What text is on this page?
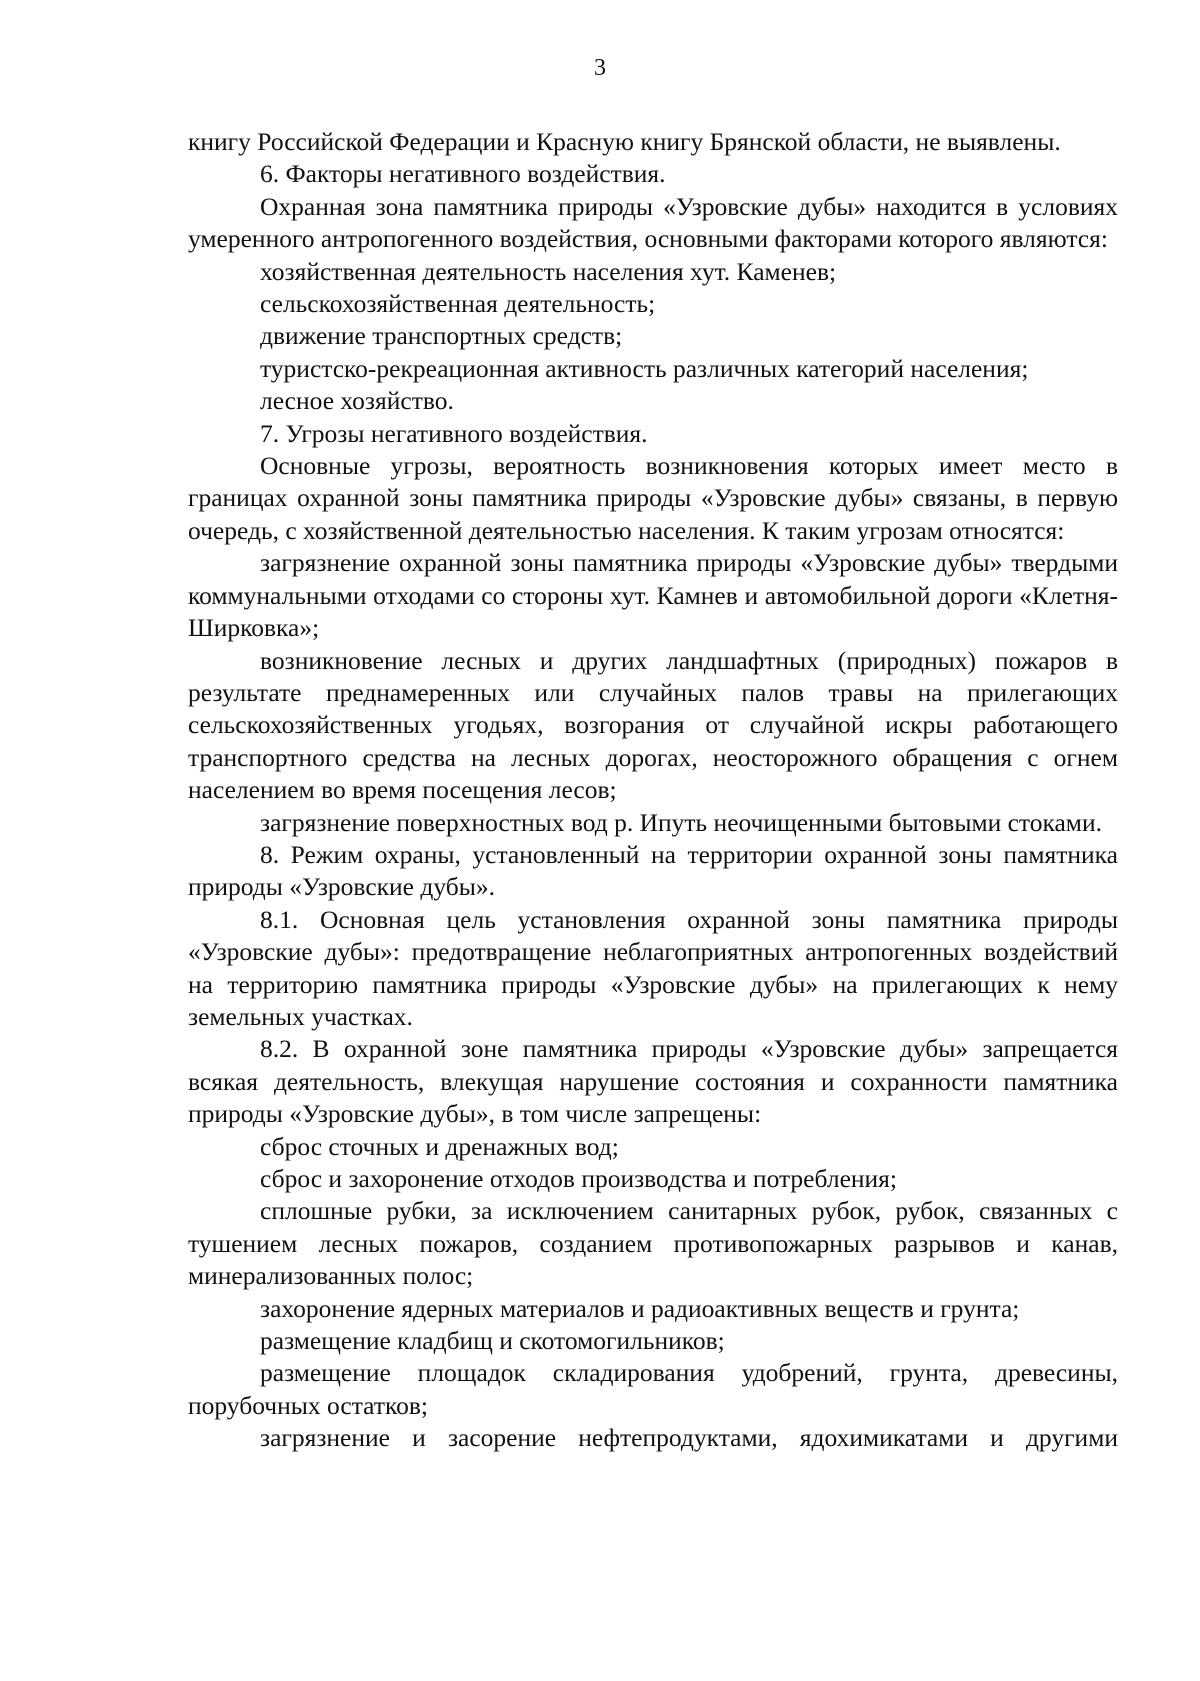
3

книгу Российской Федерации и Красную книгу Брянской области, не выявлены.

6. Факторы негативного воздействия.

Охранная зона памятника природы «Узровские дубы» находится в условиях умеренного антропогенного воздействия, основными факторами которого являются:

хозяйственная деятельность населения хут. Каменев;

сельскохозяйственная деятельность;

движение транспортных средств;

туристско-рекреационная активность различных категорий населения;

лесное хозяйство.

7. Угрозы негативного воздействия.

Основные угрозы, вероятность возникновения которых имеет место в границах охранной зоны памятника природы «Узровские дубы» связаны, в первую очередь, с хозяйственной деятельностью населения. К таким угрозам относятся:

загрязнение охранной зоны памятника природы «Узровские дубы» твердыми коммунальными отходами со стороны хут. Камнев и автомобильной дороги «Клетня-Ширковка»;

возникновение лесных и других ландшафтных (природных) пожаров в результате преднамеренных или случайных палов травы на прилегающих сельскохозяйственных угодьях, возгорания от случайной искры работающего транспортного средства на лесных дорогах, неосторожного обращения с огнем населением во время посещения лесов;

загрязнение поверхностных вод р. Ипуть неочищенными бытовыми стоками.

8. Режим охраны, установленный на территории охранной зоны памятника природы «Узровские дубы».

8.1. Основная цель установления охранной зоны памятника природы «Узровские дубы»: предотвращение неблагоприятных антропогенных воздействий на территорию памятника природы «Узровские дубы» на прилегающих к нему земельных участках.

8.2. В охранной зоне памятника природы «Узровские дубы» запрещается всякая деятельность, влекущая нарушение состояния и сохранности памятника природы «Узровские дубы», в том числе запрещены:

сброс сточных и дренажных вод;

сброс и захоронение отходов производства и потребления;

сплошные рубки, за исключением санитарных рубок, рубок, связанных с тушением лесных пожаров, созданием противопожарных разрывов и канав, минерализованных полос;

захоронение ядерных материалов и радиоактивных веществ и грунта;

размещение кладбищ и скотомогильников;

размещение площадок складирования удобрений, грунта, древесины, порубочных остатков;

загрязнение и засорение нефтепродуктами, ядохимикатами и другими
